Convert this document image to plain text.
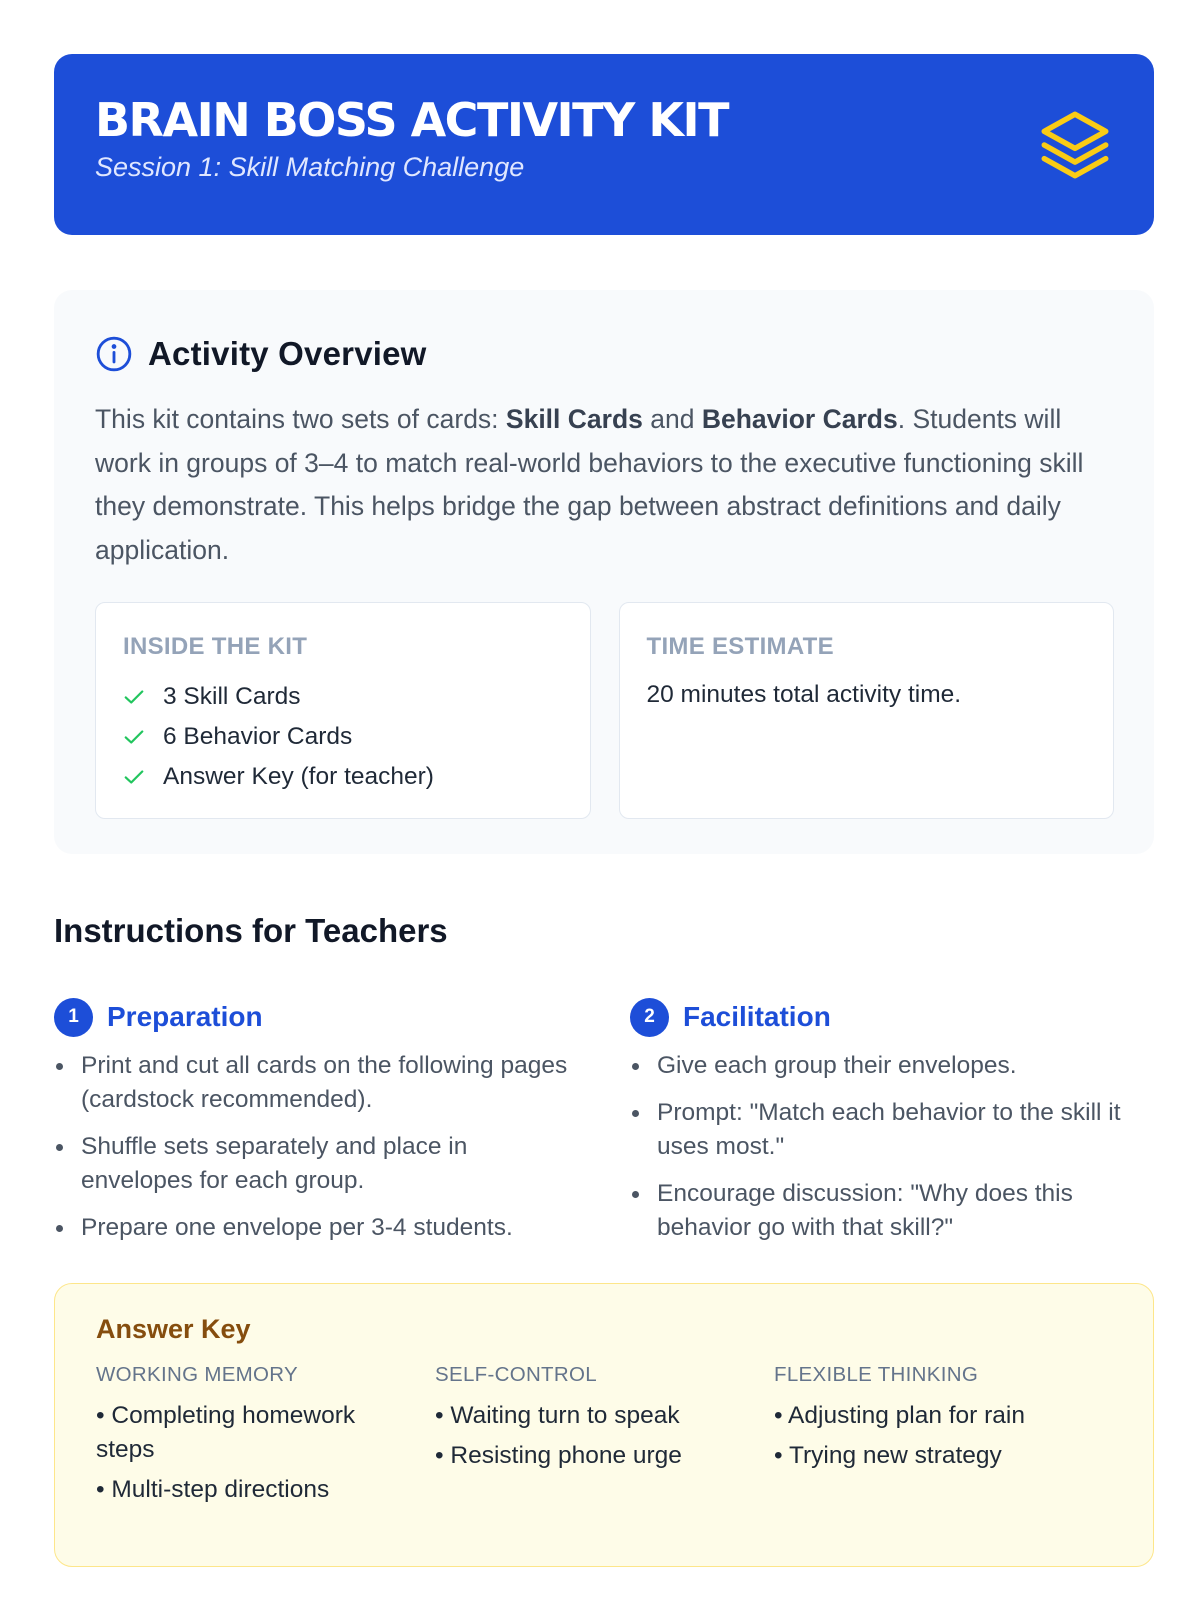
BRAIN BOSS ACTIVITY KIT

Session 1: Skill Matching Challenge

Activity Overview

This kit contains two sets of cards: Skill Cards and Behavior Cards. Students will work in groups of 3–4 to match real-world behaviors to the executive functioning skill they demonstrate. This helps bridge the gap between abstract definitions and daily application.

INSIDE THE KIT

3 Skill Cards
6 Behavior Cards
Answer Key (for teacher)

TIME ESTIMATE

20 minutes total activity time.
Instructions for Teachers
1	Preparation
Print and cut all cards on the following pages (cardstock recommended).
Shuffle sets separately and place in envelopes for each group.
Prepare one envelope per 3-4 students.
2	Facilitation
Give each group their envelopes.
Prompt: "Match each behavior to the skill it uses most."
Encourage discussion: "Why does this behavior go with that skill?"
Answer Key

WORKING MEMORY

• Completing homework steps
• Multi-step directions

SELF-CONTROL

• Waiting turn to speak
• Resisting phone urge

FLEXIBLE THINKING

• Adjusting plan for rain
• Trying new strategy
